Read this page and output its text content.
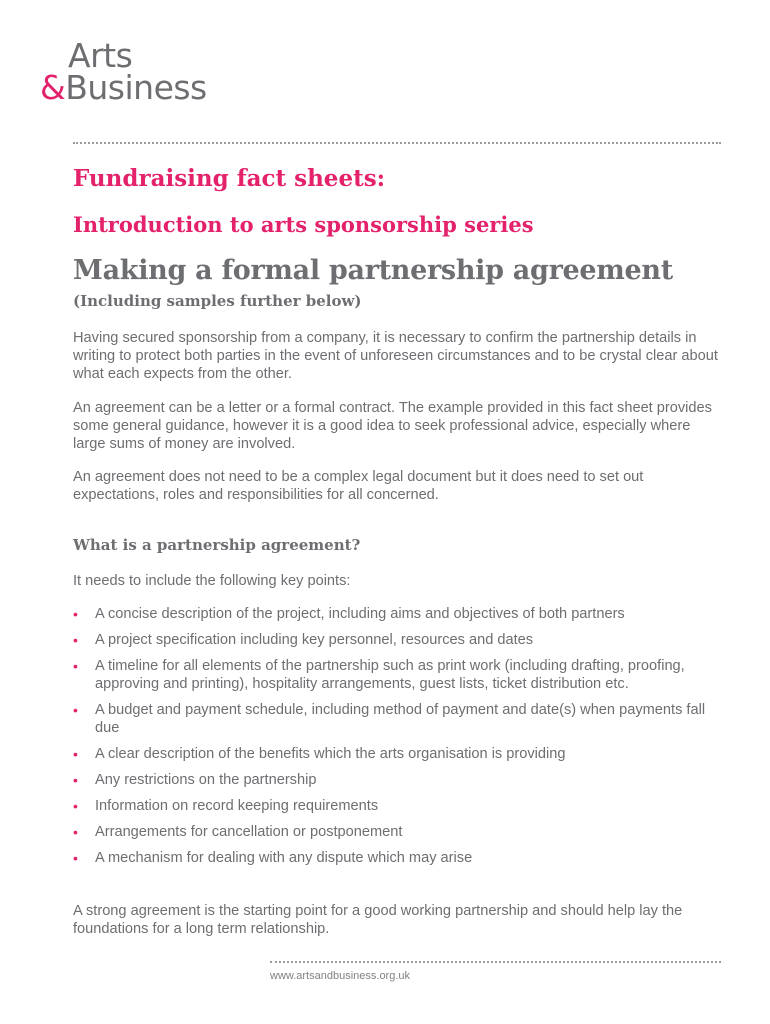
Arts
&Business
Fundraising fact sheets:
Introduction to arts sponsorship series
Making a formal partnership agreement
(Including samples further below)
Having secured sponsorship from a company, it is necessary to confirm the partnership details in writing to protect both parties in the event of unforeseen circumstances and to be crystal clear about what each expects from the other.
An agreement can be a letter or a formal contract. The example provided in this fact sheet provides some general guidance, however it is a good idea to seek professional advice, especially where large sums of money are involved.
An agreement does not need to be a complex legal document but it does need to set out expectations, roles and responsibilities for all concerned.
What is a partnership agreement?
It needs to include the following key points:
• A concise description of the project, including aims and objectives of both partners
• A project specification including key personnel, resources and dates
• A timeline for all elements of the partnership such as print work (including drafting, proofing, approving and printing), hospitality arrangements, guest lists, ticket distribution etc.
• A budget and payment schedule, including method of payment and date(s) when payments fall due
• A clear description of the benefits which the arts organisation is providing
• Any restrictions on the partnership
• Information on record keeping requirements
• Arrangements for cancellation or postponement
• A mechanism for dealing with any dispute which may arise
A strong agreement is the starting point for a good working partnership and should help lay the foundations for a long term relationship.
www.artsandbusiness.org.uk
